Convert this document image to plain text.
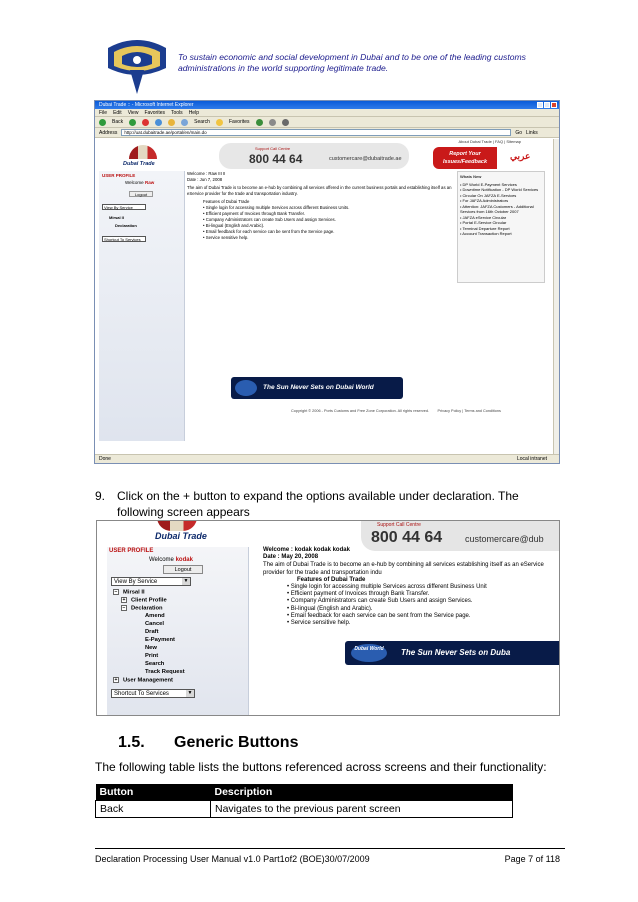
To sustain economic and social development in Dubai and to be one of the leading customs administrations in the world supporting legitimate trade.
Dubai Trade :: - Microsoft Internet Explorer
File Edit View Favorites Tools Help
Back	Search	Favorites
Address	http://uat.dubaitrade.ae/portal/en/main.do	Go Links
Dubai Trade
Support Call Centre
800 44 64	customercare@dubaitrade.ae
About Dubai Trade | FAQ | Sitemap
Report Your Issues/Feedback
عربي
USER PROFILE
Welcome Raw
Logout
View By Service
Mirsal II
Declaration
Shortcut To Services
Welcome : Raw III II
Date : Jun 7, 2008
The aim of Dubai Trade is to become an e-hub by combining all services offered in the current business portals and establishing itself as an eService provider for the trade and transportation industry.
Features of Dubai Trade
• Single login for accessing multiple Services across different Business Units.
• Efficient payment of Invoices through Bank Transfer.
• Company Administrators can create Sub Users and assign Services.
• Bi-lingual (English and Arabic).
• Email feedback for each service can be sent from the Service page.
• Service sensitive help.
The Sun Never Sets on Dubai World
Whats New
• DP World E-Payment Services
• Downtime Notification - DP World Services
• Circular On JAFZA E-Services
• For JAFZA Administrators
• Attention: JAFZA Customers - Additional Services from 16th October 2007
• JAFZA eService Circular
• Portal E-Service Circular
• Terminal Departure Report
• Account Transaction Report
Copyright © 2006 - Ports Customs and Free Zone Corporation. All rights reserved. Privacy Policy | Terms and Conditions
Done	Local intranet
9. Click on the + button to expand the options available under declaration. The following screen appears
Dubai Trade
Support Call Centre
800 44 64	customercare@dub
USER PROFILE
Welcome kodak
Logout
View By Service	▼
− Mirsal II
+ Client Profile
− Declaration
Amend
Cancel
Draft
E-Payment
New
Print
Search
Track Request
+ User Management
Shortcut To Services	▼
Welcome : kodak kodak kodak
Date : May 20, 2008
The aim of Dubai Trade is to become an e-hub by combining all services establishing itself as an eService provider for the trade and transportation indu
Features of Dubai Trade
• Single login for accessing multiple Services across different Business Unit
• Efficient payment of Invoices through Bank Transfer.
• Company Administrators can create Sub Users and assign Services.
• Bi-lingual (English and Arabic).
• Email feedback for each service can be sent from the Service page.
• Service sensitive help.
Dubai World	The Sun Never Sets on Duba
1.5. Generic Buttons
The following table lists the buttons referenced across screens and their functionality:
Button	Description
Back	Navigates to the previous parent screen
Declaration Processing User Manual v1.0 Part1of2 (BOE)30/07/2009	Page 7 of 118
